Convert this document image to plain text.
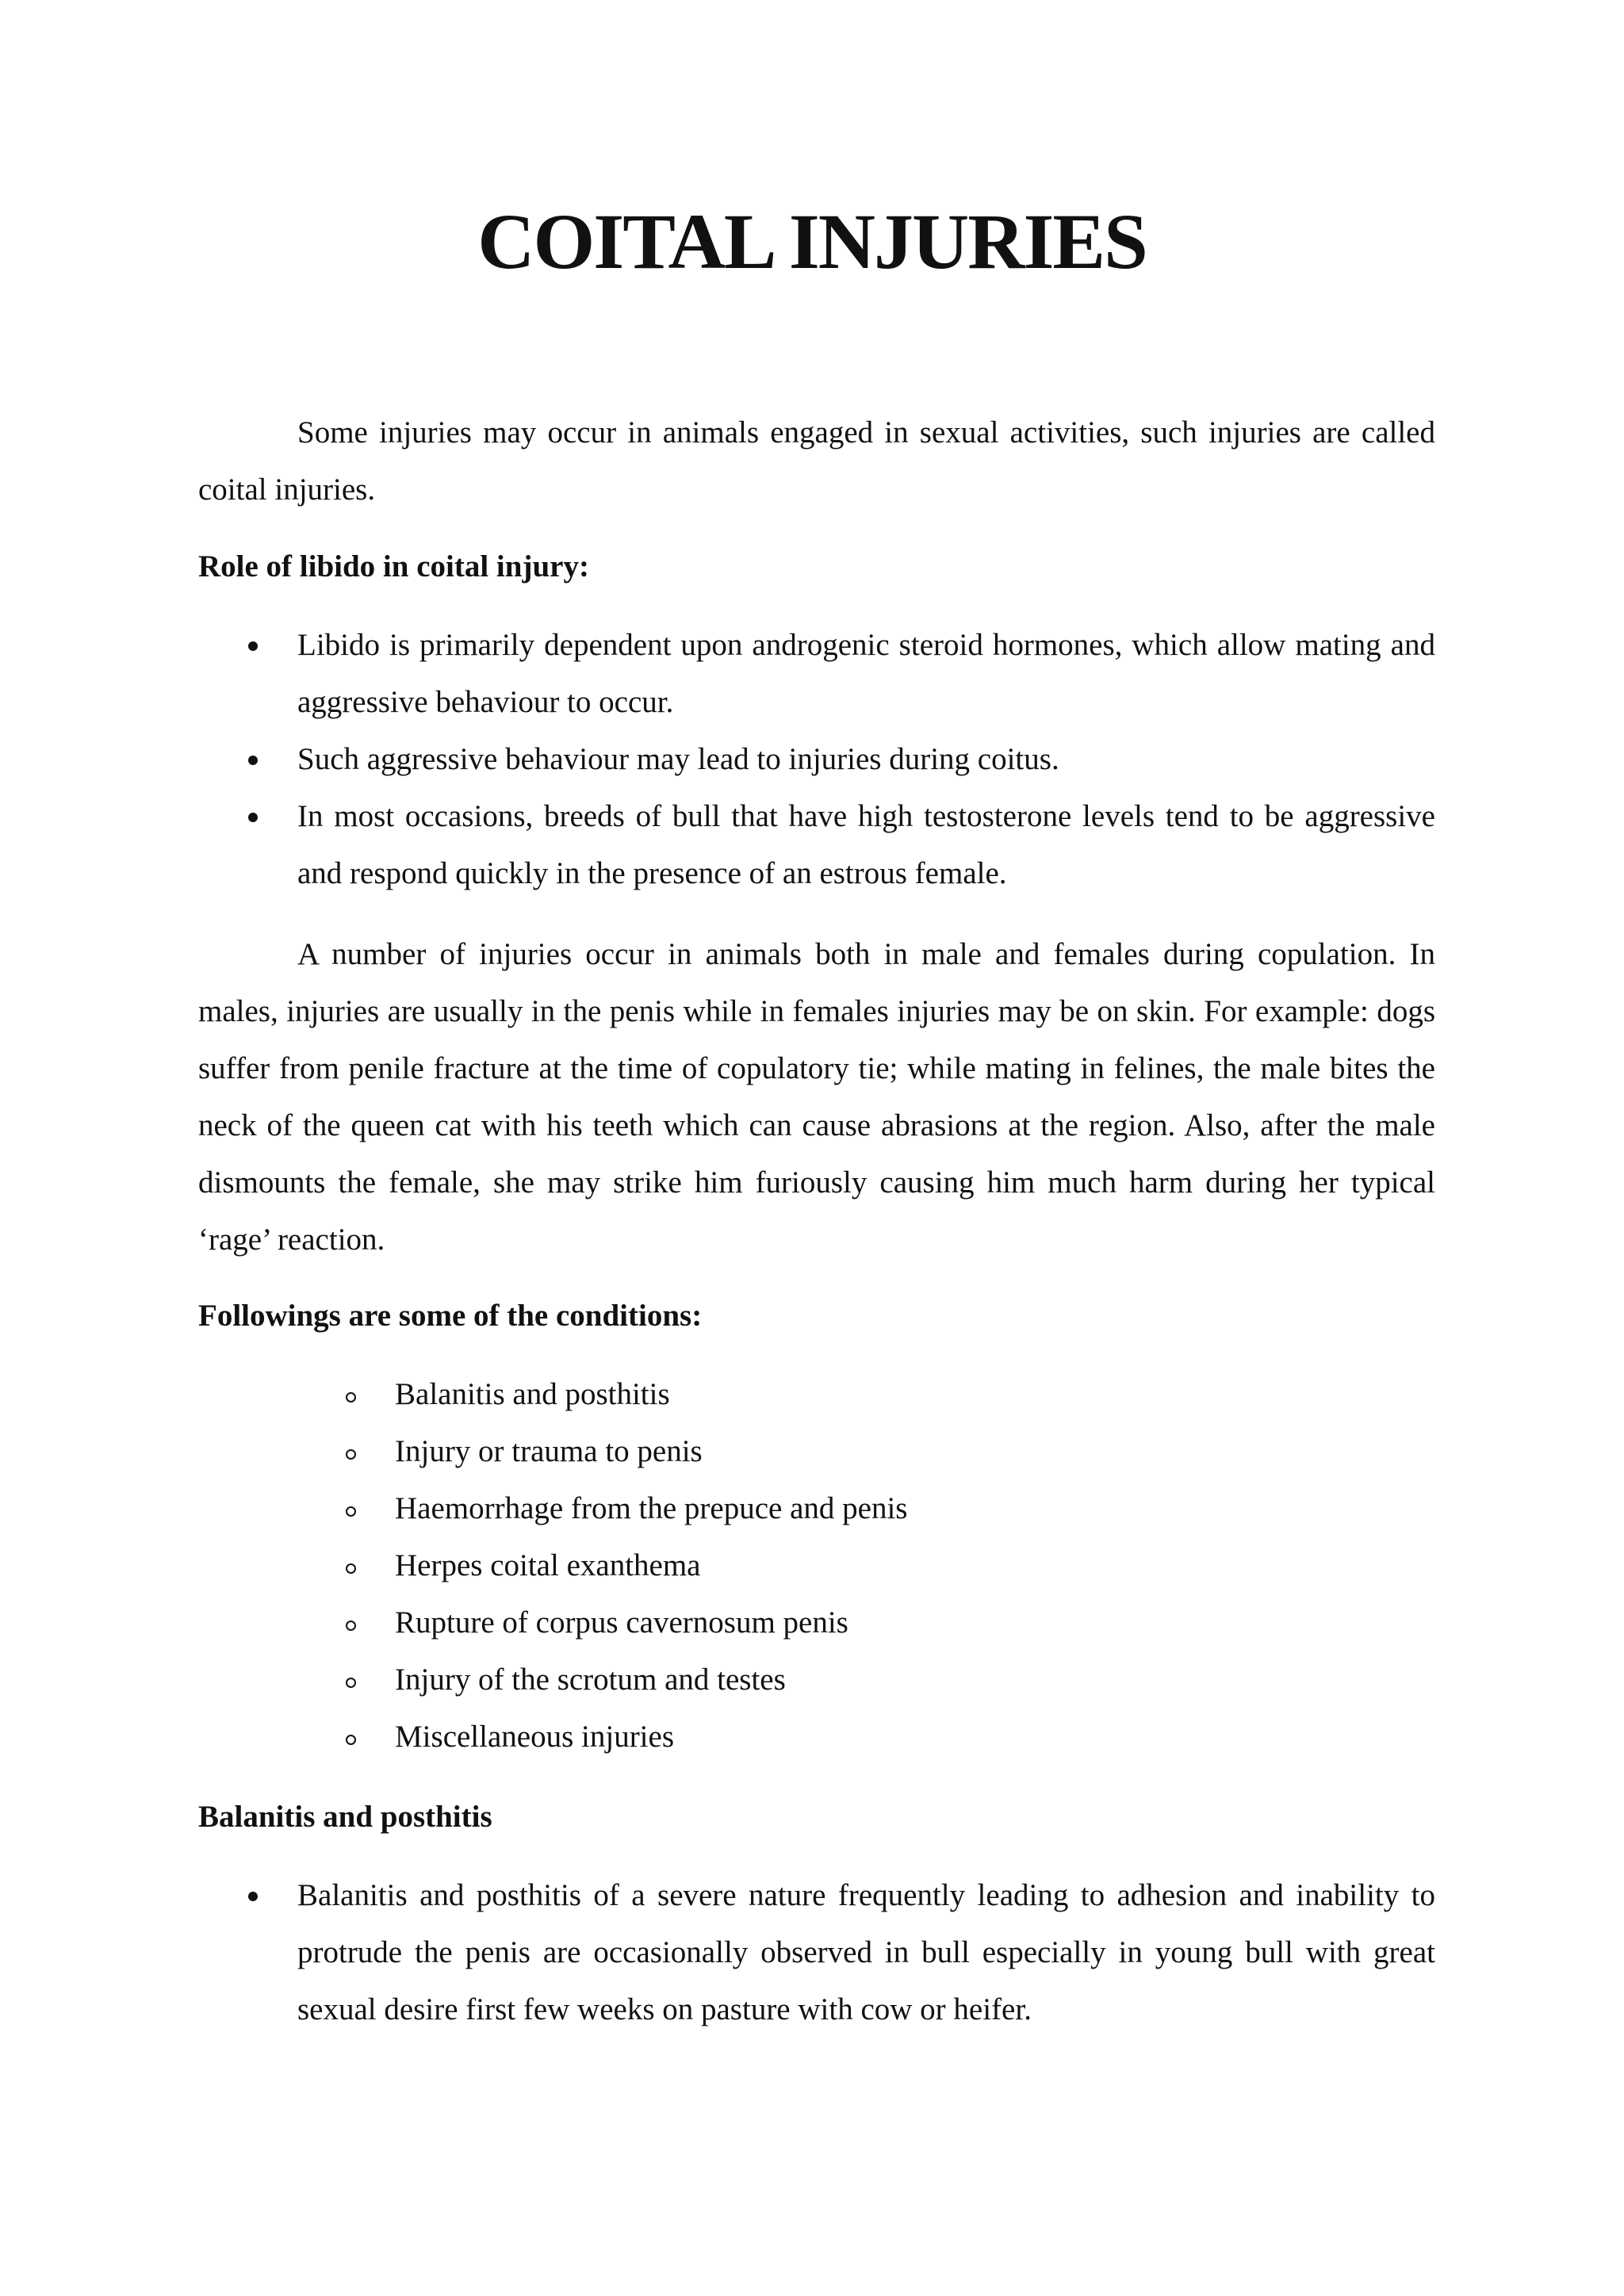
COITAL INJURIES

Some injuries may occur in animals engaged in sexual activities, such injuries are called coital injuries.

Role of libido in coital injury:
Libido is primarily dependent upon androgenic steroid hormones, which allow mating and aggressive behaviour to occur.
Such aggressive behaviour may lead to injuries during coitus.
In most occasions, breeds of bull that have high testosterone levels tend to be aggressive and respond quickly in the presence of an estrous female.

A number of injuries occur in animals both in male and females during copulation. In males, injuries are usually in the penis while in females injuries may be on skin. For example: dogs suffer from penile fracture at the time of copulatory tie; while mating in felines, the male bites the neck of the queen cat with his teeth which can cause abrasions at the region. Also, after the male dismounts the female, she may strike him furiously causing him much harm during her typical ‘rage’ reaction.

Followings are some of the conditions:
Balanitis and posthitis
Injury or trauma to penis
Haemorrhage from the prepuce and penis
Herpes coital exanthema
Rupture of corpus cavernosum penis
Injury of the scrotum and testes
Miscellaneous injuries
Balanitis and posthitis
Balanitis and posthitis of a severe nature frequently leading to adhesion and inability to protrude the penis are occasionally observed in bull especially in young bull with great sexual desire first few weeks on pasture with cow or heifer.
